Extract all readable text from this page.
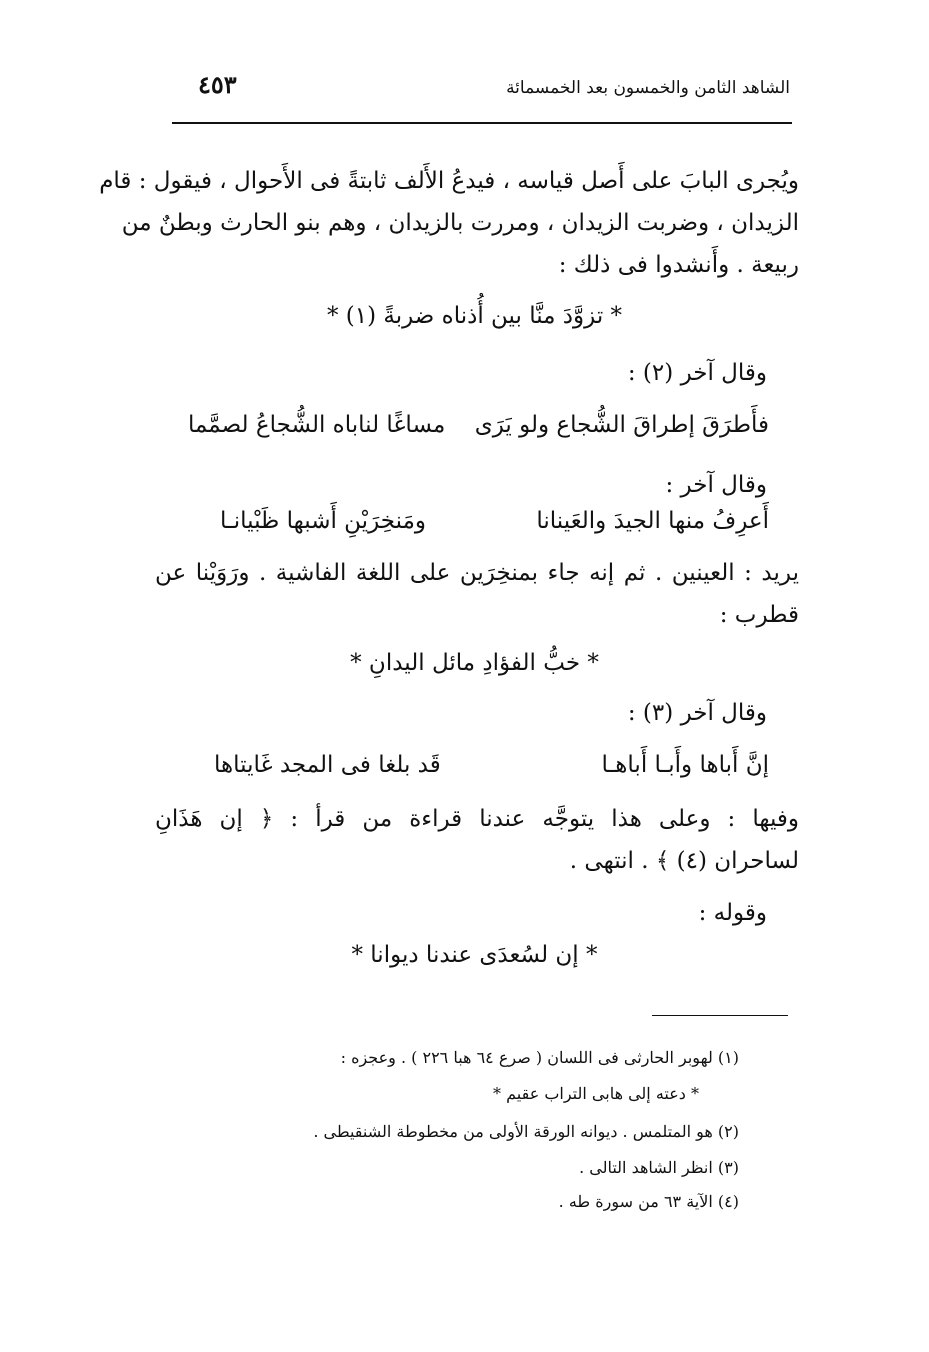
الشاهد الثامن والخمسون بعد الخمسمائة
٤٥٣
ويُجرى البابَ على أَصل قياسه ، فيدعُ الأَلف ثابتةً فى الأَحوال ، فيقول : قام
الزيدان ، وضربت الزيدان ، ومررت بالزيدان ، وهم بنو الحارث وبطنٌ من
ربيعة . وأَنشدوا فى ذلك :
* تزوَّدَ منَّا بين أُذناه ضربةً (١) *
وقال آخر (٢) :
فأَطرَقَ إطراقَ الشُّجاع ولو يَرَى
مساغًا لناباه الشُّجاعُ لصمَّما
وقال آخر :
أَعرِفُ منها الجيدَ والعَينانا
ومَنخِرَيْنِ أَشبها ظَبْيانـا
يريد : العينين . ثم إنه جاء بمنخِرَين على اللغة الفاشية . ورَوَيْنا عن
قطرب :
* خبُّ الفؤادِ مائل اليدانِ *
وقال آخر (٣) :
إنَّ أَباها وأَبـا أَباهـا
قَد بلغا فى المجد غَايتاها
وفيها : وعلى هذا يتوجَّه عندنا قراءة من قرأ : ﴿ إن هَذَانِ
لساحران (٤) ﴾ . انتهى .
وقوله :
* إن لسُعدَى عندنا ديوانا *
(١) لهوبر الحارثى فى اللسان ( صرع ٦٤ هبا ٢٢٦ ) . وعجزه :
* دعته إلى هابى التراب عقيم *
(٢) هو المتلمس . ديوانه الورقة الأولى من مخطوطة الشنقيطى .
(٣) انظر الشاهد التالى .
(٤) الآية ٦٣ من سورة طه .
